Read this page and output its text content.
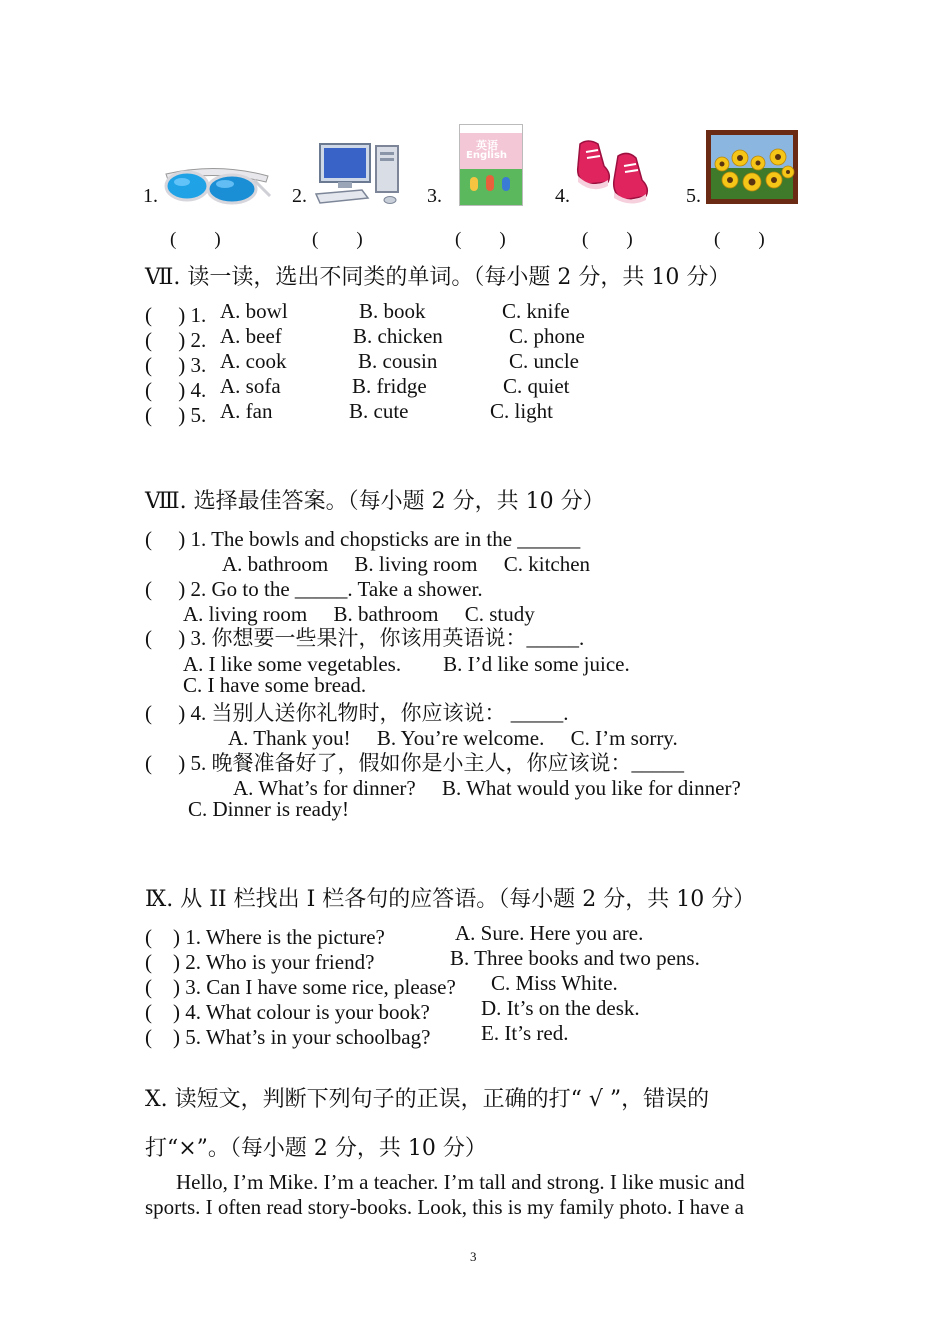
1.
(　　)
2.
(　　)
3.
英语
English
(　　)
4.
(　　)
5.
(　　)
Ⅶ. 读一读，选出不同类的单词。（每小题 2 分，共 10 分）
(　 ) 1. A. bowl	B. book	C. knife
(　 ) 2. A. beef	B. chicken	C. phone
(　 ) 3. A. cook	B. cousin	C. uncle
(　 ) 4. A. sofa	B. fridge	C. quiet
(　 ) 5. A. fan	B. cute	C. light
Ⅷ. 选择最佳答案。（每小题 2 分，共 10 分）
(　 ) 1. The bowls and chopsticks are in the ______
A. bathroom　 B. living room　 C. kitchen
(　 ) 2. Go to the _____. Take a shower.
A. living room　 B. bathroom　 C. study
(　 ) 3. 你想要一些果汁，你该用英语说：_____.
A. I like some vegetables.　　B. I’d like some juice.
C. I have some bread.
(　 ) 4. 当别人送你礼物时，你应该说： _____.
A. Thank you!　 B. You’re welcome.　 C. I’m sorry.
(　 ) 5. 晚餐准备好了，假如你是小主人，你应该说：_____
A. What’s for dinner?　 B. What would you like for dinner?
C. Dinner is ready!
Ⅸ. 从 II 栏找出 I 栏各句的应答语。（每小题 2 分，共 10 分）
(　) 1. Where is the picture?	A. Sure. Here you are.
(　) 2. Who is your friend?	B. Three books and two pens.
(　) 3. Can I have some rice, please? C. Miss White.
(　) 4. What colour is your book? D. It’s on the desk.
(　) 5. What’s in your schoolbag? E. It’s red.
Ⅹ. 读短文，判断下列句子的正误，正确的打“ √ ”，错误的
打“×”。（每小题 2 分，共 10 分）
Hello, I’m Mike. I’m a teacher. I’m tall and strong. I like music and
sports. I often read story-books. Look, this is my family photo. I have a
3
